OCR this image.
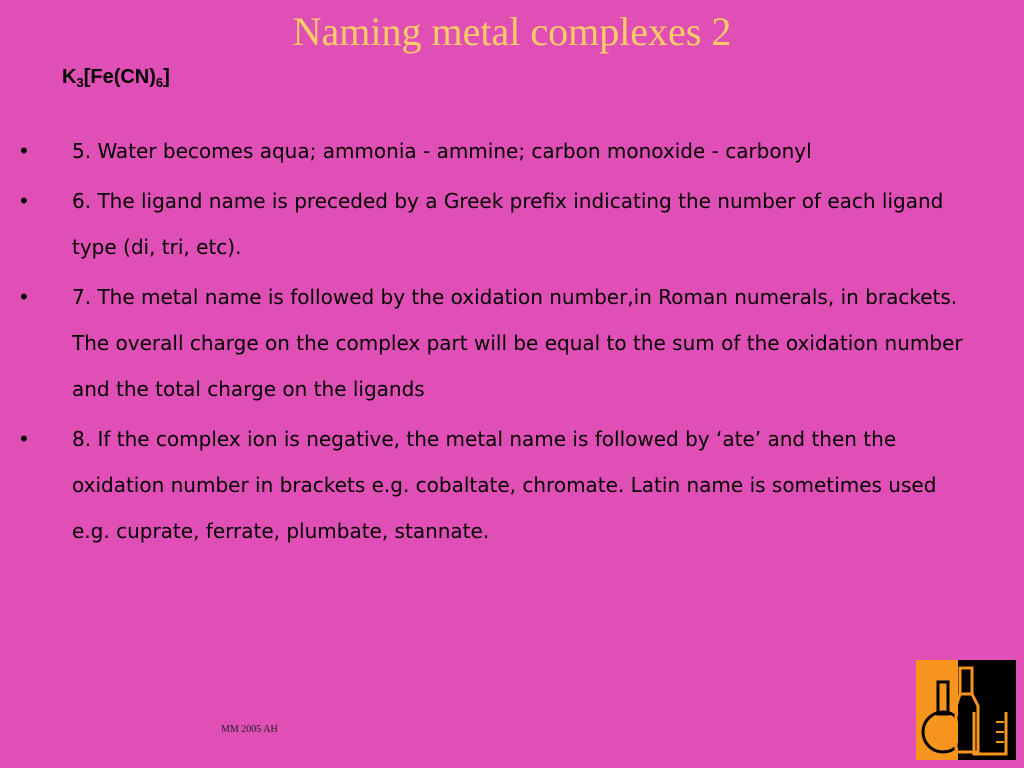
Naming metal complexes 2
$K_3[Fe(CN)_6]$
• 5. Water becomes aqua; ammonia - ammine; carbon monoxide - carbonyl
• 6. The ligand name is preceded by a Greek prefix indicating the number of each ligand type (di, tri, etc).
• 7. The metal name is followed by the oxidation number,in Roman numerals, in brackets. The overall charge on the complex part will be equal to the sum of the oxidation number and the total charge on the ligands
• 8. If the complex ion is negative, the metal name is followed by ‘ate’ and then the oxidation number in brackets e.g. cobaltate, chromate. Latin name is sometimes used e.g. cuprate, ferrate, plumbate, stannate.
MM 2005 AH
